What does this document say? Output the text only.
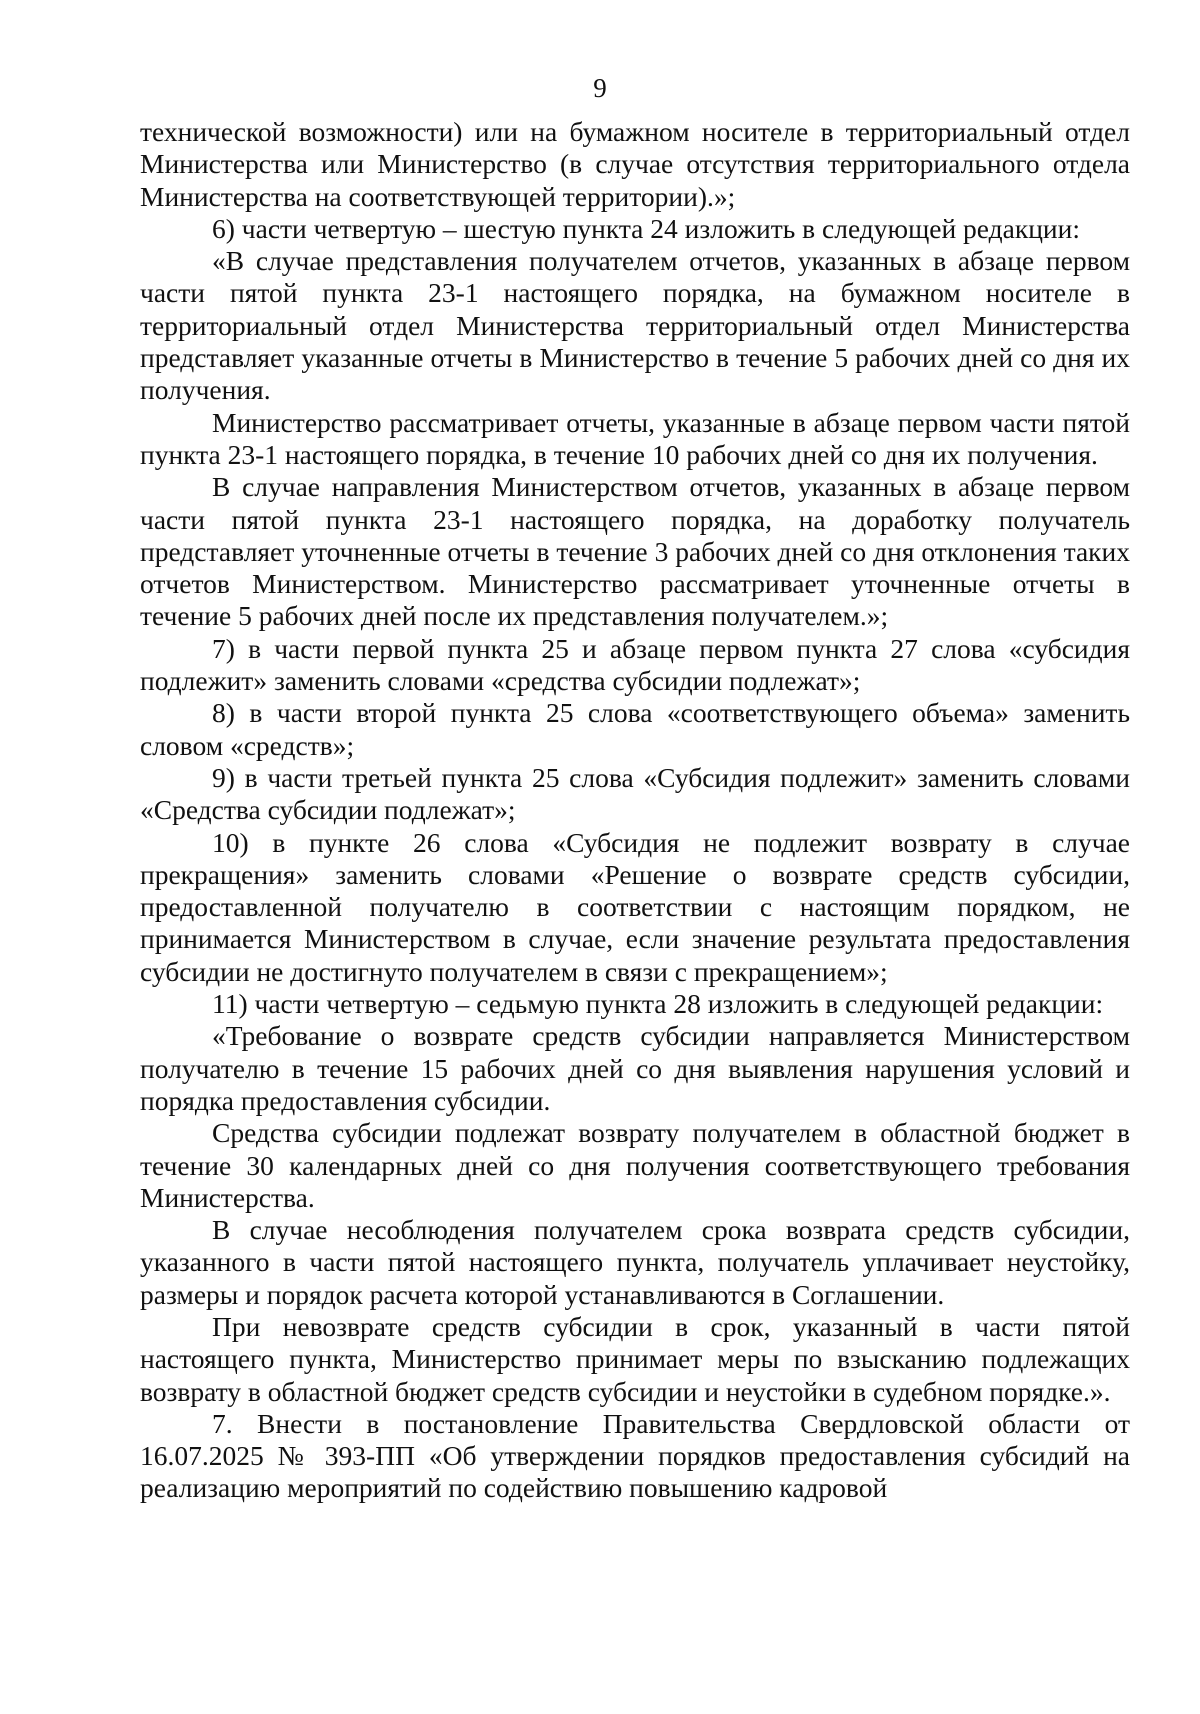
9

технической возможности) или на бумажном носителе в территориальный отдел Министерства или Министерство (в случае отсутствия территориального отдела Министерства на соответствующей территории).»;

6) части четвертую – шестую пункта 24 изложить в следующей редакции:

«В случае представления получателем отчетов, указанных в абзаце первом части пятой пункта 23-1 настоящего порядка, на бумажном носителе в территориальный отдел Министерства территориальный отдел Министерства представляет указанные отчеты в Министерство в течение 5 рабочих дней со дня их получения.

Министерство рассматривает отчеты, указанные в абзаце первом части пятой пункта 23-1 настоящего порядка, в течение 10 рабочих дней со дня их получения.

В случае направления Министерством отчетов, указанных в абзаце первом части пятой пункта 23-1 настоящего порядка, на доработку получатель представляет уточненные отчеты в течение 3 рабочих дней со дня отклонения таких отчетов Министерством. Министерство рассматривает уточненные отчеты в течение 5 рабочих дней после их представления получателем.»;

7) в части первой пункта 25 и абзаце первом пункта 27 слова «субсидия подлежит» заменить словами «средства субсидии подлежат»;

8) в части второй пункта 25 слова «соответствующего объема» заменить словом «средств»;

9) в части третьей пункта 25 слова «Субсидия подлежит» заменить словами «Средства субсидии подлежат»;

10) в пункте 26 слова «Субсидия не подлежит возврату в случае прекращения» заменить словами «Решение о возврате средств субсидии, предоставленной получателю в соответствии с настоящим порядком, не принимается Министерством в случае, если значение результата предоставления субсидии не достигнуто получателем в связи с прекращением»;

11) части четвертую – седьмую пункта 28 изложить в следующей редакции:

«Требование о возврате средств субсидии направляется Министерством получателю в течение 15 рабочих дней со дня выявления нарушения условий и порядка предоставления субсидии.

Средства субсидии подлежат возврату получателем в областной бюджет в течение 30 календарных дней со дня получения соответствующего требования Министерства.

В случае несоблюдения получателем срока возврата средств субсидии, указанного в части пятой настоящего пункта, получатель уплачивает неустойку, размеры и порядок расчета которой устанавливаются в Соглашении.

При невозврате средств субсидии в срок, указанный в части пятой настоящего пункта, Министерство принимает меры по взысканию подлежащих возврату в областной бюджет средств субсидии и неустойки в судебном порядке.».

7. Внести в постановление Правительства Свердловской области от 16.07.2025 № 393-ПП «Об утверждении порядков предоставления субсидий на реализацию мероприятий по содействию повышению кадровой
